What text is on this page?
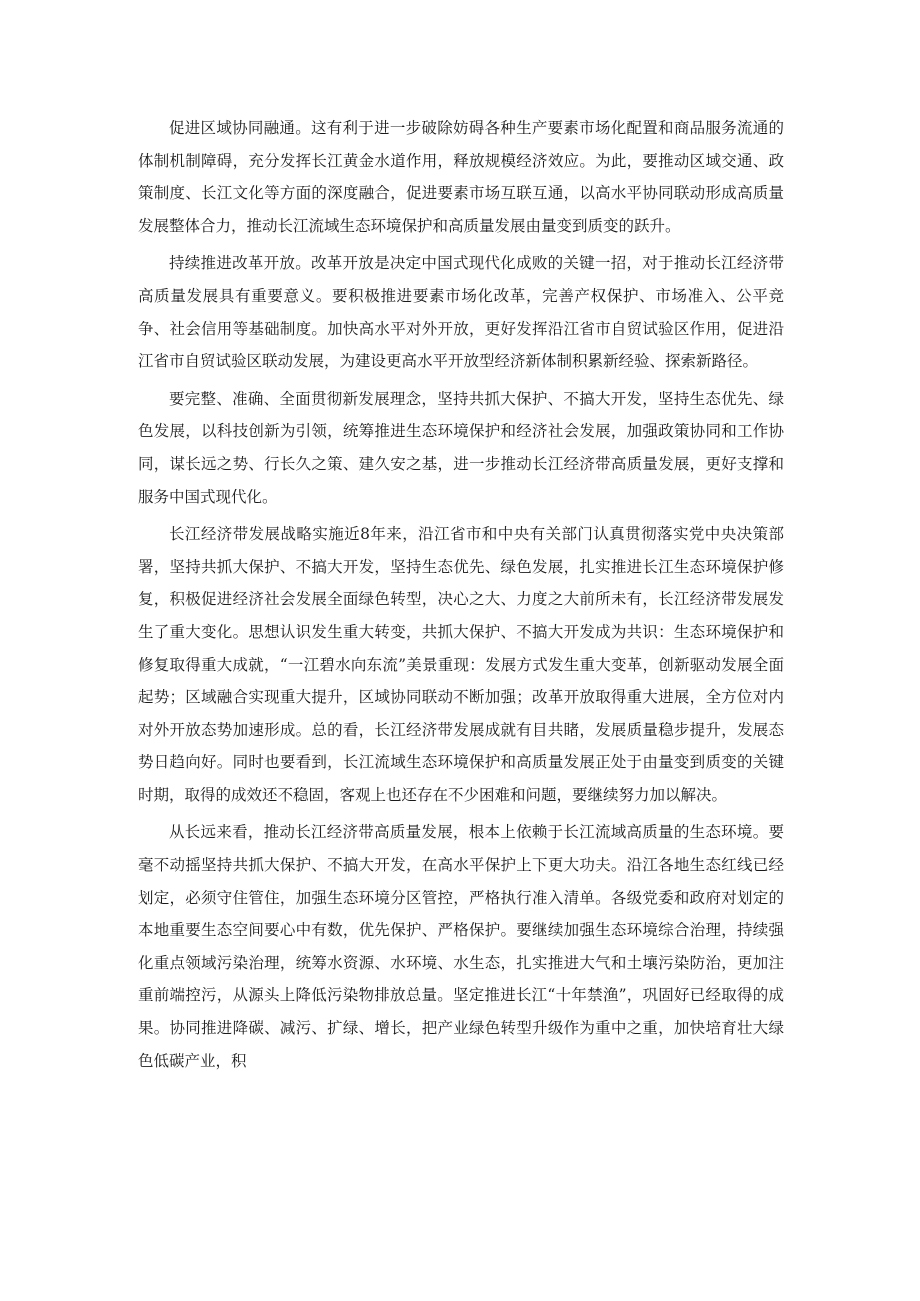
促进区域协同融通。这有利于进一步破除妨碍各种生产要素市场化配置和商品服务流通的体制机制障碍，充分发挥长江黄金水道作用，释放规模经济效应。为此，要推动区域交通、政策制度、长江文化等方面的深度融合，促进要素市场互联互通，以高水平协同联动形成高质量发展整体合力，推动长江流域生态环境保护和高质量发展由量变到质变的跃升。

持续推进改革开放。改革开放是决定中国式现代化成败的关键一招，对于推动长江经济带高质量发展具有重要意义。要积极推进要素市场化改革，完善产权保护、市场准入、公平竞争、社会信用等基础制度。加快高水平对外开放，更好发挥沿江省市自贸试验区作用，促进沿江省市自贸试验区联动发展，为建设更高水平开放型经济新体制积累新经验、探索新路径。

要完整、准确、全面贯彻新发展理念，坚持共抓大保护、不搞大开发，坚持生态优先、绿色发展，以科技创新为引领，统筹推进生态环境保护和经济社会发展，加强政策协同和工作协同，谋长远之势、行长久之策、建久安之基，进一步推动长江经济带高质量发展，更好支撑和服务中国式现代化。

长江经济带发展战略实施近8年来，沿江省市和中央有关部门认真贯彻落实党中央决策部署，坚持共抓大保护、不搞大开发，坚持生态优先、绿色发展，扎实推进长江生态环境保护修复，积极促进经济社会发展全面绿色转型，决心之大、力度之大前所未有，长江经济带发展发生了重大变化。思想认识发生重大转变，共抓大保护、不搞大开发成为共识：生态环境保护和修复取得重大成就，“一江碧水向东流”美景重现：发展方式发生重大变革，创新驱动发展全面起势；区域融合实现重大提升，区域协同联动不断加强；改革开放取得重大进展，全方位对内对外开放态势加速形成。总的看，长江经济带发展成就有目共睹，发展质量稳步提升，发展态势日趋向好。同时也要看到，长江流域生态环境保护和高质量发展正处于由量变到质变的关键时期，取得的成效还不稳固，客观上也还存在不少困难和问题，要继续努力加以解决。

从长远来看，推动长江经济带高质量发展，根本上依赖于长江流域高质量的生态环境。要毫不动摇坚持共抓大保护、不搞大开发，在高水平保护上下更大功夫。沿江各地生态红线已经划定，必须守住管住，加强生态环境分区管控，严格执行准入清单。各级党委和政府对划定的本地重要生态空间要心中有数，优先保护、严格保护。要继续加强生态环境综合治理，持续强化重点领域污染治理，统筹水资源、水环境、水生态，扎实推进大气和土壤污染防治，更加注重前端控污，从源头上降低污染物排放总量。坚定推进长江“十年禁渔”，巩固好已经取得的成果。协同推进降碳、减污、扩绿、增长，把产业绿色转型升级作为重中之重，加快培育壮大绿色低碳产业，积
